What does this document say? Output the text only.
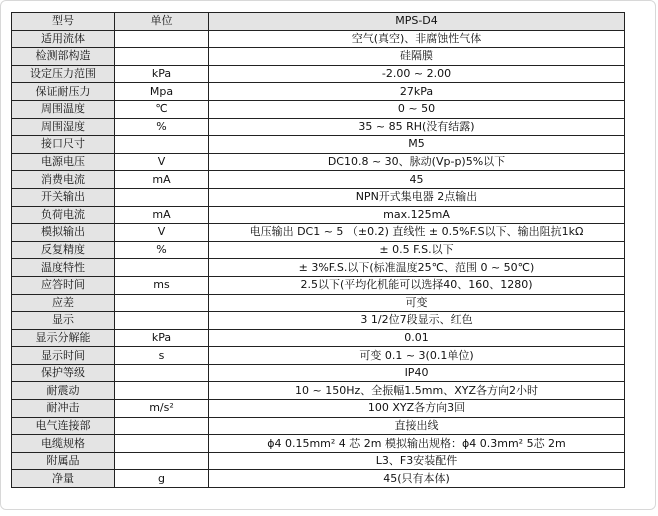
型号	单位	MPS-D4
适用流体		空气(真空)、非腐蚀性气体
检测部构造		硅隔膜
设定压力范围	kPa	-2.00 ~ 2.00
保证耐压力	Mpa	27kPa
周围温度	℃	0 ~ 50
周围湿度	%	35 ~ 85 RH(没有结露)
接口尺寸		M5
电源电压	V	DC10.8 ~ 30、脉动(Vp-p)5%以下
消费电流	mA	45
开关输出		NPN开式集电器 2点输出
负荷电流	mA	max.125mA
模拟输出	V	电压输出 DC1 ~ 5 （±0.2) 直线性 ± 0.5%F.S以下、输出阻抗1kΩ
反复精度	%	± 0.5 F.S.以下
温度特性		± 3%F.S.以下(标准温度25℃、范围 0 ~ 50℃)
应答时间	ms	2.5以下(平均化机能可以选择40、160、1280)
应差		可变
显示		3 1/2位7段显示、红色
显示分解能	kPa	0.01
显示时间	s	可变 0.1 ~ 3(0.1单位)
保护等级		IP40
耐震动		10 ~ 150Hz、全振幅1.5mm、XYZ各方向2小时
耐冲击	m/s²	100 XYZ各方向3回
电气连接部		直接出线
电缆规格		ϕ4 0.15mm² 4 芯 2m 模拟输出规格：ϕ4 0.3mm² 5芯 2m
附属品		L3、F3安装配件
净量	g	45(只有本体)
